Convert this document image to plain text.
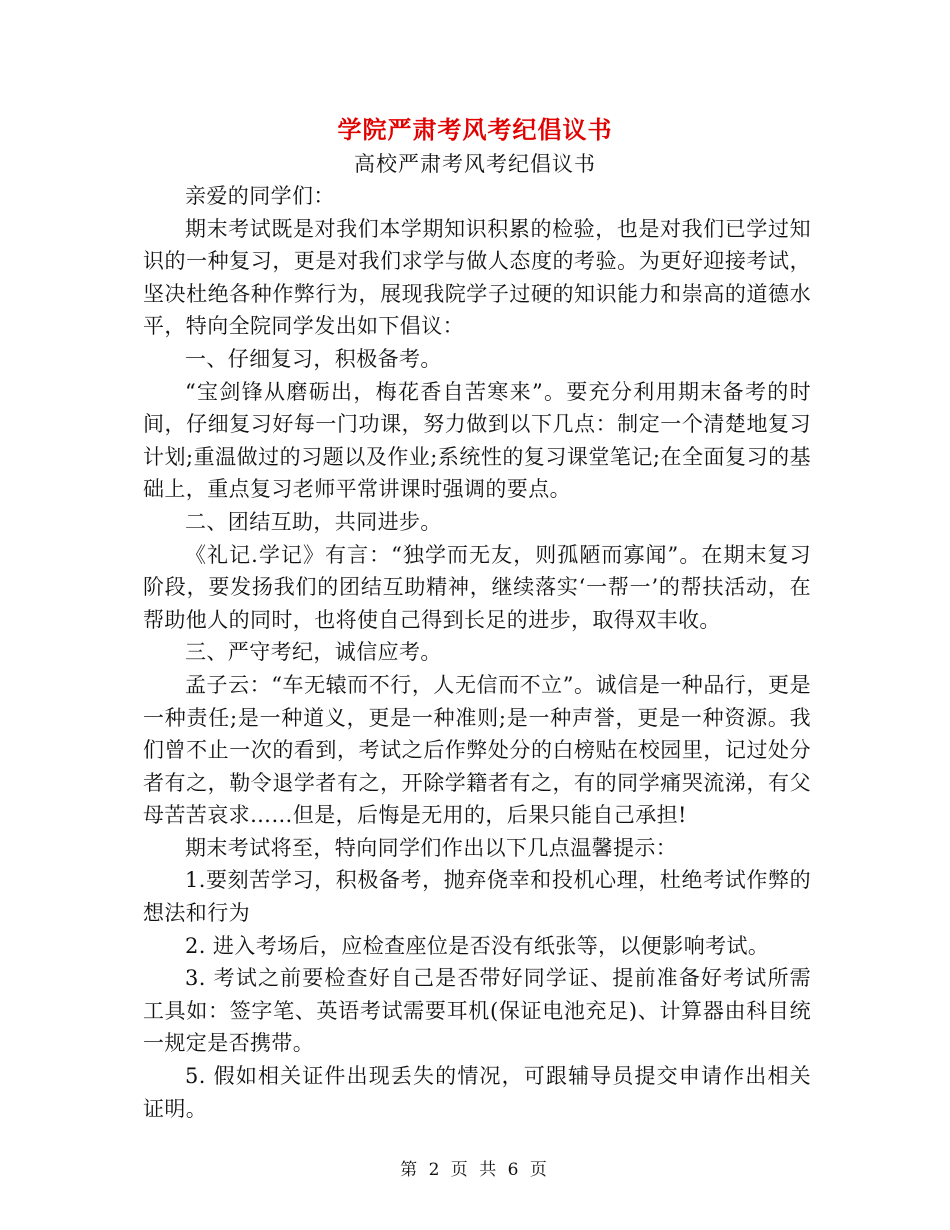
学院严肃考风考纪倡议书
高校严肃考风考纪倡议书

亲爱的同学们：

期末考试既是对我们本学期知识积累的检验，也是对我们已学过知识的一种复习，更是对我们求学与做人态度的考验。为更好迎接考试，坚决杜绝各种作弊行为，展现我院学子过硬的知识能力和崇高的道德水平，特向全院同学发出如下倡议：

一、仔细复习，积极备考。

“宝剑锋从磨砺出，梅花香自苦寒来”。要充分利用期末备考的时间，仔细复习好每一门功课，努力做到以下几点：制定一个清楚地复习计划;重温做过的习题以及作业;系统性的复习课堂笔记;在全面复习的基础上，重点复习老师平常讲课时强调的要点。

二、团结互助，共同进步。

《礼记.学记》有言：“独学而无友，则孤陋而寡闻”。在期末复习阶段，要发扬我们的团结互助精神，继续落实‘一帮一’的帮扶活动，在帮助他人的同时，也将使自己得到长足的进步，取得双丰收。

三、严守考纪，诚信应考。

孟子云：“车无辕而不行，人无信而不立”。诚信是一种品行，更是一种责任;是一种道义，更是一种准则;是一种声誉，更是一种资源。我们曾不止一次的看到，考试之后作弊处分的白榜贴在校园里，记过处分者有之，勒令退学者有之，开除学籍者有之，有的同学痛哭流涕，有父母苦苦哀求……但是，后悔是无用的，后果只能自己承担!

期末考试将至，特向同学们作出以下几点温馨提示：

1.要刻苦学习，积极备考，抛弃侥幸和投机心理，杜绝考试作弊的想法和行为

2. 进入考场后，应检查座位是否没有纸张等，以便影响考试。

3. 考试之前要检查好自己是否带好同学证、提前准备好考试所需工具如：签字笔、英语考试需要耳机(保证电池充足)、计算器由科目统一规定是否携带。

5. 假如相关证件出现丢失的情况，可跟辅导员提交申请作出相关证明。

第 2 页 共 6 页
